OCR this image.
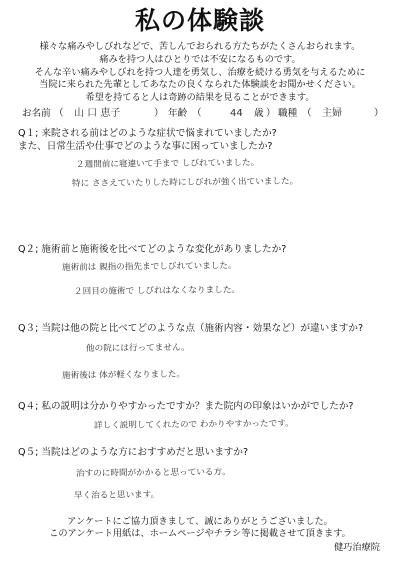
私の体験談
様々な痛みやしびれなどで、苦しんでおられる方たちがたくさんおられます。
痛みを持つ人はひとりでは不安になるものです。
そんな辛い痛みやしびれを持つ人達を勇気し、治療を続ける勇気を与えるために
当院に来られた先輩としてあなたの良くなられた体験談をお聞かせください。
希望を持てると人は奇跡の結果を見ることができます。
お名前 （ 山 口 恵子	） 年齢 （	44 歳 ） 職種 （ 主婦	）
Q１; 来院される前はどのような症状で悩まれていましたか?
また、日常生活や仕事でどのような事に困っていましたか?
２週間前に寝違いて手まで しびれていました。
特に ささえていたりした時にしびれが強く出ていました。
Q２; 施術前と施術後を比べてどのような変化がありましたか?
施術前は 親指の指先までしびれていました。
２回目の施術で しびれはなくなりました。
Q３; 当院は他の院と比べてどのような点（施術内容・効果など）が違いますか?
他の院には行ってません。
施術後は 体が軽くなりました。
Q４; 私の説明は分かりやすかったですか？また院内の印象はいかがでしたか?
詳しく説明してくれたので わかりやすかったです。
Q５; 当院はどのような方におすすめだと思いますか?
治すのに時間がかかると思っている方。
早く治ると思います。
アンケートにご協力頂きまして、誠にありがとうございました。
このアンケート用紙は、ホームページやチラシ等に掲載させて頂きます。
健巧治療院
